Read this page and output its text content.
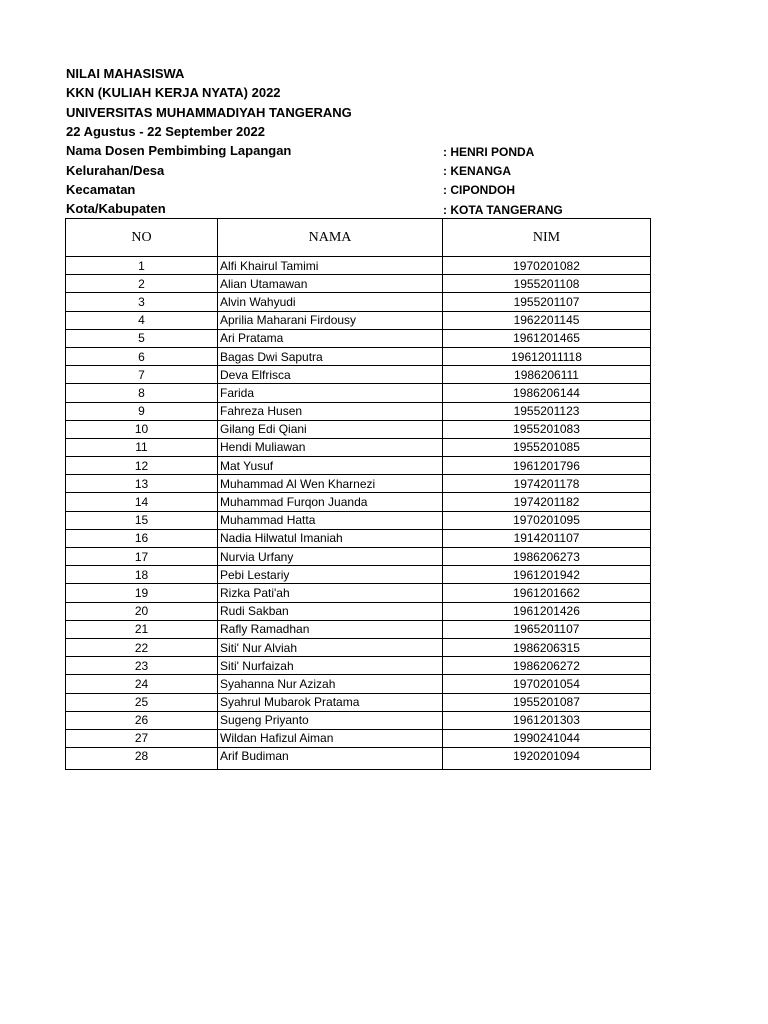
NILAI MAHASISWA
KKN (KULIAH KERJA NYATA) 2022
UNIVERSITAS MUHAMMADIYAH TANGERANG
22 Agustus - 22 September 2022
Nama Dosen Pembimbing Lapangan	: HENRI PONDA
Kelurahan/Desa	: KENANGA
Kecamatan	: CIPONDOH
Kota/Kabupaten	: KOTA TANGERANG
NO	NAMA	NIM
1	Alfi Khairul Tamimi	1970201082
2	Alian Utamawan	1955201108
3	Alvin Wahyudi	1955201107
4	Aprilia Maharani Firdousy	1962201145
5	Ari Pratama	1961201465
6	Bagas Dwi Saputra	19612011118
7	Deva Elfrisca	1986206111
8	Farida	1986206144
9	Fahreza Husen	1955201123
10	Gilang Edi Qiani	1955201083
11	Hendi Muliawan	1955201085
12	Mat Yusuf	1961201796
13	Muhammad Al Wen Kharnezi	1974201178
14	Muhammad Furqon Juanda	1974201182
15	Muhammad Hatta	1970201095
16	Nadia Hilwatul Imaniah	1914201107
17	Nurvia Urfany	1986206273
18	Pebi Lestariy	1961201942
19	Rizka Pati'ah	1961201662
20	Rudi Sakban	1961201426
21	Rafly Ramadhan	1965201107
22	Siti' Nur Alviah	1986206315
23	Siti' Nurfaizah	1986206272
24	Syahanna Nur Azizah	1970201054
25	Syahrul Mubarok Pratama	1955201087
26	Sugeng Priyanto	1961201303
27	Wildan Hafizul Aiman	1990241044
28	Arif Budiman	1920201094
